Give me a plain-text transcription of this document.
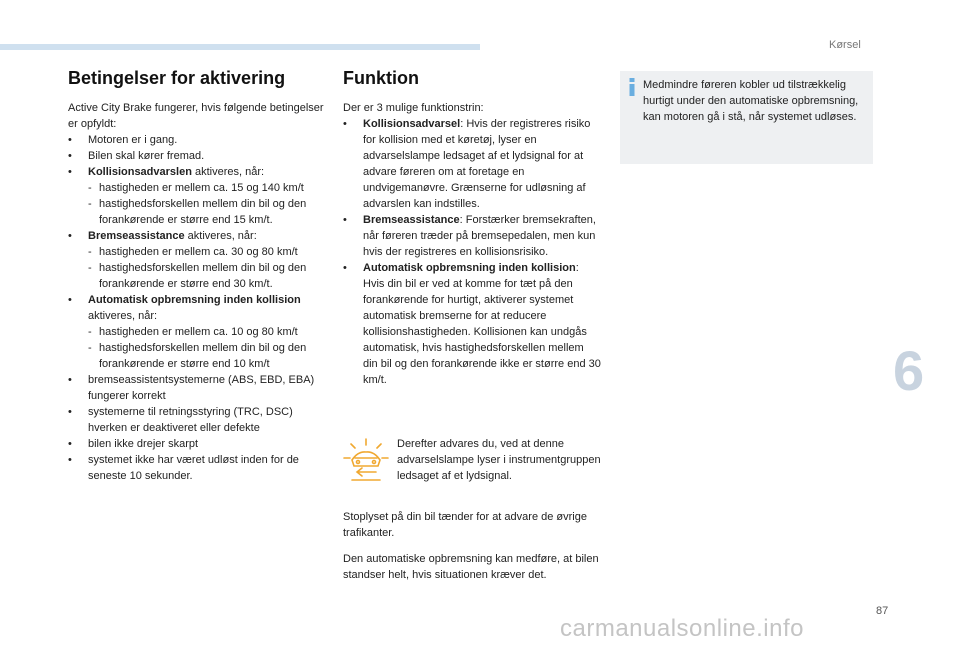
Kørsel
6
Betingelser for aktivering

Active City Brake fungerer, hvis følgende betingelser er opfyldt:

• Motoren er i gang.
• Bilen skal kører fremad.
• Kollisionsadvarslen aktiveres, når:
- hastigheden er mellem ca. 15 og 140 km/t
- hastighedsforskellen mellem din bil og den forankørende er større end 15 km/t.
• Bremseassistance aktiveres, når:
- hastigheden er mellem ca. 30 og 80 km/t
- hastighedsforskellen mellem din bil og den forankørende er større end 30 km/t.
• Automatisk opbremsning inden kollision aktiveres, når:
- hastigheden er mellem ca. 10 og 80 km/t
- hastighedsforskellen mellem din bil og den forankørende er større end 10 km/t
• bremseassistentsystemerne (ABS, EBD, EBA) fungerer korrekt
• systemerne til retningsstyring (TRC, DSC) hverken er deaktiveret eller defekte
• bilen ikke drejer skarpt
• systemet ikke har været udløst inden for de seneste 10 sekunder.
Funktion

Der er 3 mulige funktionstrin:

• Kollisionsadvarsel: Hvis der registreres risiko for kollision med et køretøj, lyser en advarselslampe ledsaget af et lydsignal for at advare føreren om at foretage en undvigemanøvre. Grænserne for udløsning af advarslen kan indstilles.
• Bremseassistance: Forstærker bremsekraften, når føreren træder på bremsepedalen, men kun hvis der registreres en kollisionsrisiko.
• Automatisk opbremsning inden kollision: Hvis din bil er ved at komme for tæt på den forankørende for hurtigt, aktiverer systemet automatisk bremserne for at reducere kollisionshastigheden. Kollisionen kan undgås automatisk, hvis hastighedsforskellen mellem din bil og den forankørende ikke er større end 30 km/t.
Derefter advares du, ved at denne advarselslampe lyser i instrumentgruppen ledsaget af et lydsignal.

Stoplyset på din bil tænder for at advare de øvrige trafikanter.

Den automatiske opbremsning kan medføre, at bilen standser helt, hvis situationen kræver det.

Medmindre føreren kobler ud tilstrækkelig hurtigt under den automatiske opbremsning, kan motoren gå i stå, når systemet udløses.
87
carmanualsonline.info
